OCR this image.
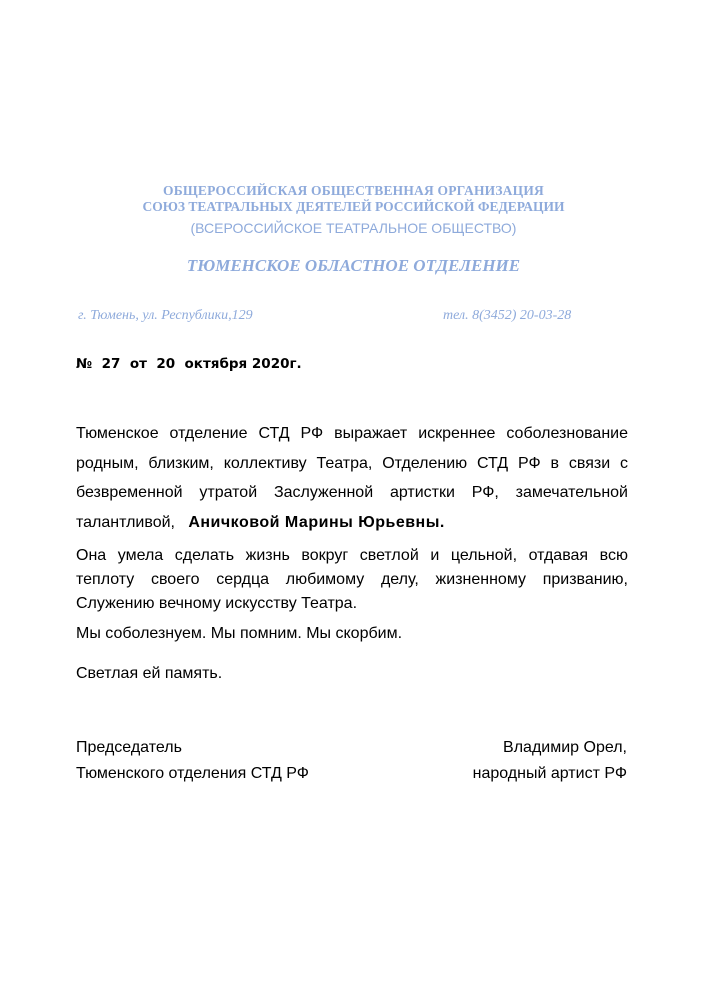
ОБЩЕРОССИЙСКАЯ ОБЩЕСТВЕННАЯ ОРГАНИЗАЦИЯ
СОЮЗ ТЕАТРАЛЬНЫХ ДЕЯТЕЛЕЙ РОССИЙСКОЙ ФЕДЕРАЦИИ
(ВСЕРОССИЙСКОЕ ТЕАТРАЛЬНОЕ ОБЩЕСТВО)
ТЮМЕНСКОЕ ОБЛАСТНОЕ ОТДЕЛЕНИЕ
г. Тюмень, ул. Республики,129	тел. 8(3452) 20-03-28
№  27  от  20  октября 2020г.
Тюменское отделение СТД РФ выражает искреннее соболезнование
родным, близким, коллективу Театра, Отделению СТД РФ в связи с
безвременной утратой Заслуженной артистки РФ, замечательной
талантливой, Аничковой Марины Юрьевны.
Она умела сделать жизнь вокруг светлой и цельной, отдавая всю
теплоту своего сердца любимому делу, жизненному призванию,
Служению вечному искусству Театра.
Мы соболезнуем. Мы помним. Мы скорбим.
Светлая ей память.
Председатель
Тюменского отделения СТД РФ
Владимир Орел,
народный артист РФ
